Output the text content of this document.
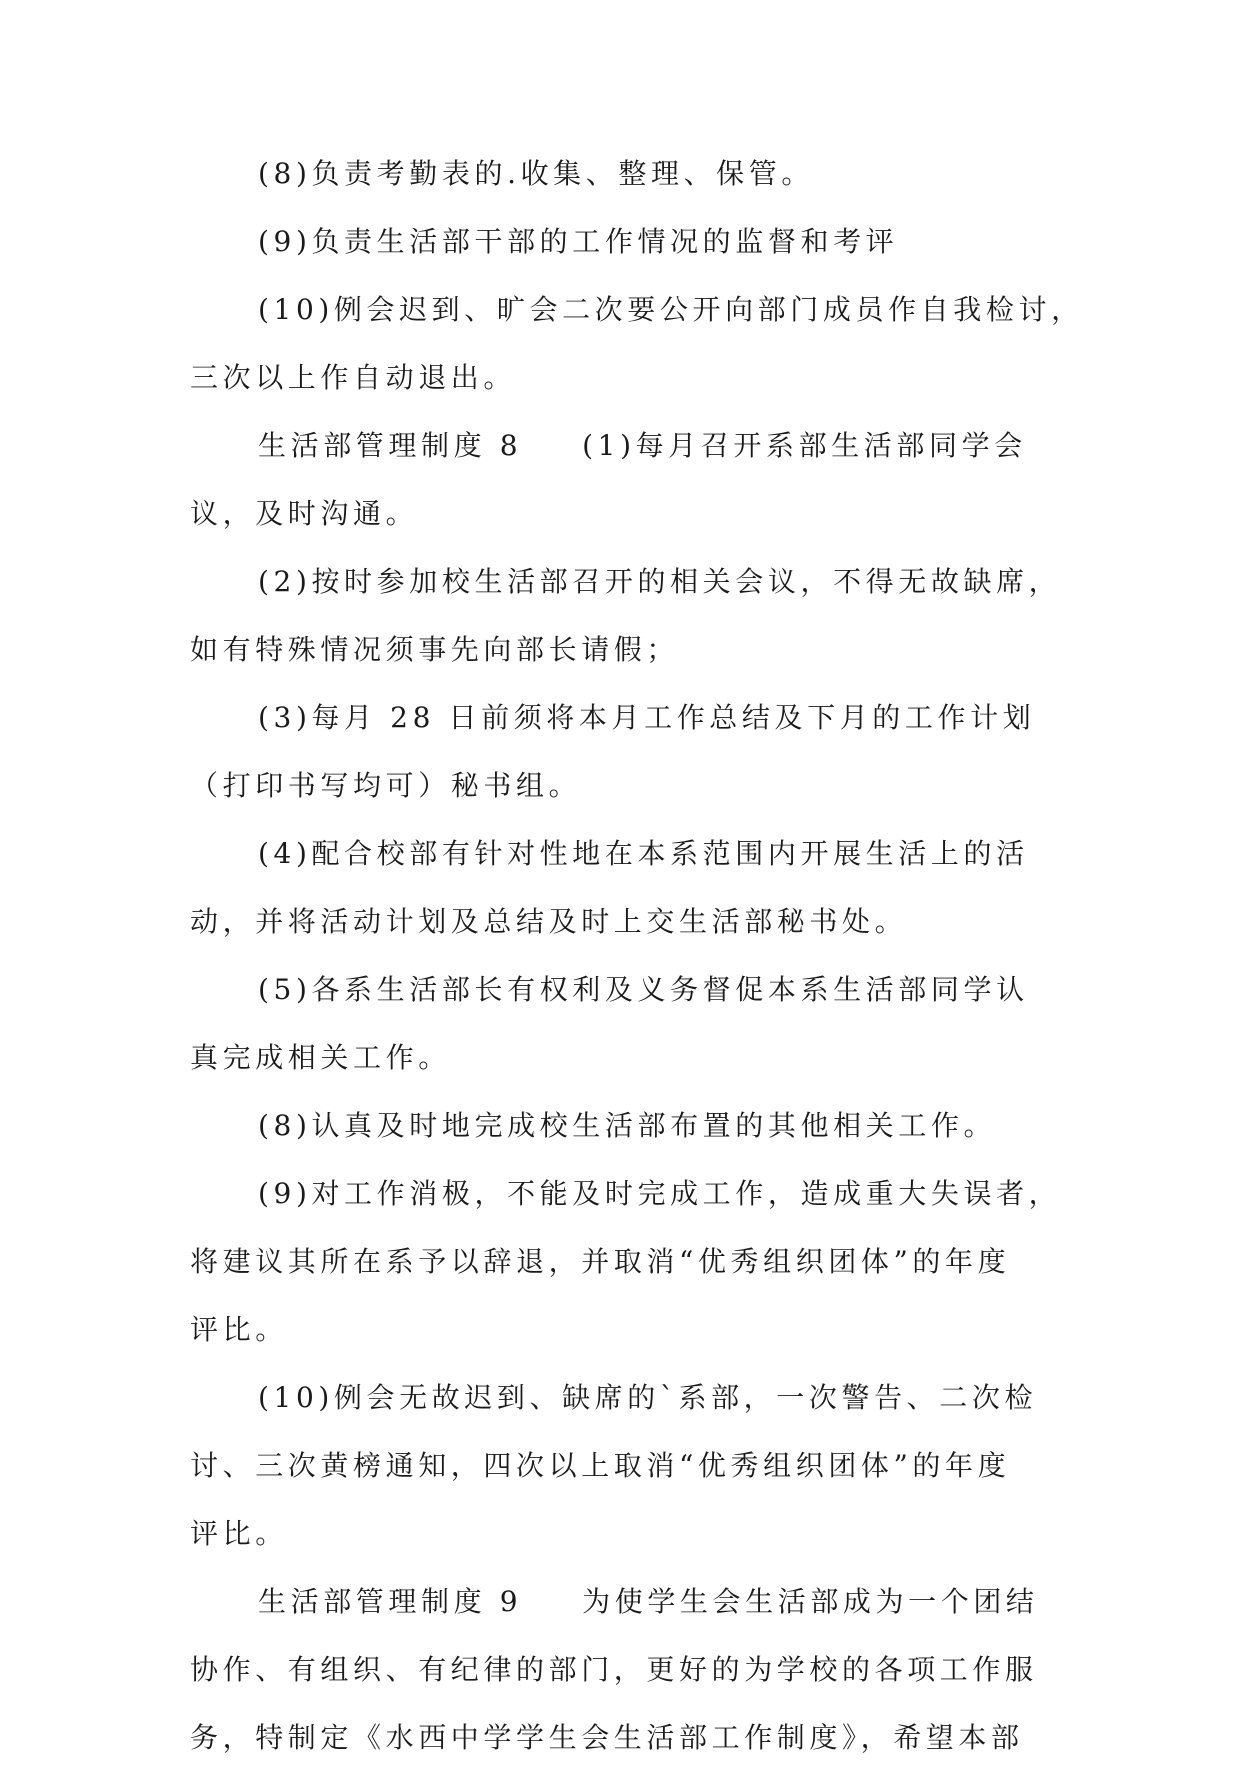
(8)负责考勤表的.收集、整理、保管。
(9)负责生活部干部的工作情况的监督和考评
(10)例会迟到、旷会二次要公开向部门成员作自我检讨，
三次以上作自动退出。
生活部管理制度 8 (1)每月召开系部生活部同学会
议，及时沟通。
(2)按时参加校生活部召开的相关会议，不得无故缺席，
如有特殊情况须事先向部长请假；
(3)每月 28 日前须将本月工作总结及下月的工作计划
（打印书写均可）秘书组。
(4)配合校部有针对性地在本系范围内开展生活上的活
动，并将活动计划及总结及时上交生活部秘书处。
(5)各系生活部长有权利及义务督促本系生活部同学认
真完成相关工作。
(8)认真及时地完成校生活部布置的其他相关工作。
(9)对工作消极，不能及时完成工作，造成重大失误者，
将建议其所在系予以辞退，并取消“优秀组织团体”的年度
评比。
(10)例会无故迟到、缺席的`系部，一次警告、二次检
讨、三次黄榜通知，四次以上取消“优秀组织团体”的年度
评比。
生活部管理制度 9 为使学生会生活部成为一个团结
协作、有组织、有纪律的部门，更好的为学校的各项工作服
务，特制定《水西中学学生会生活部工作制度》，希望本部
